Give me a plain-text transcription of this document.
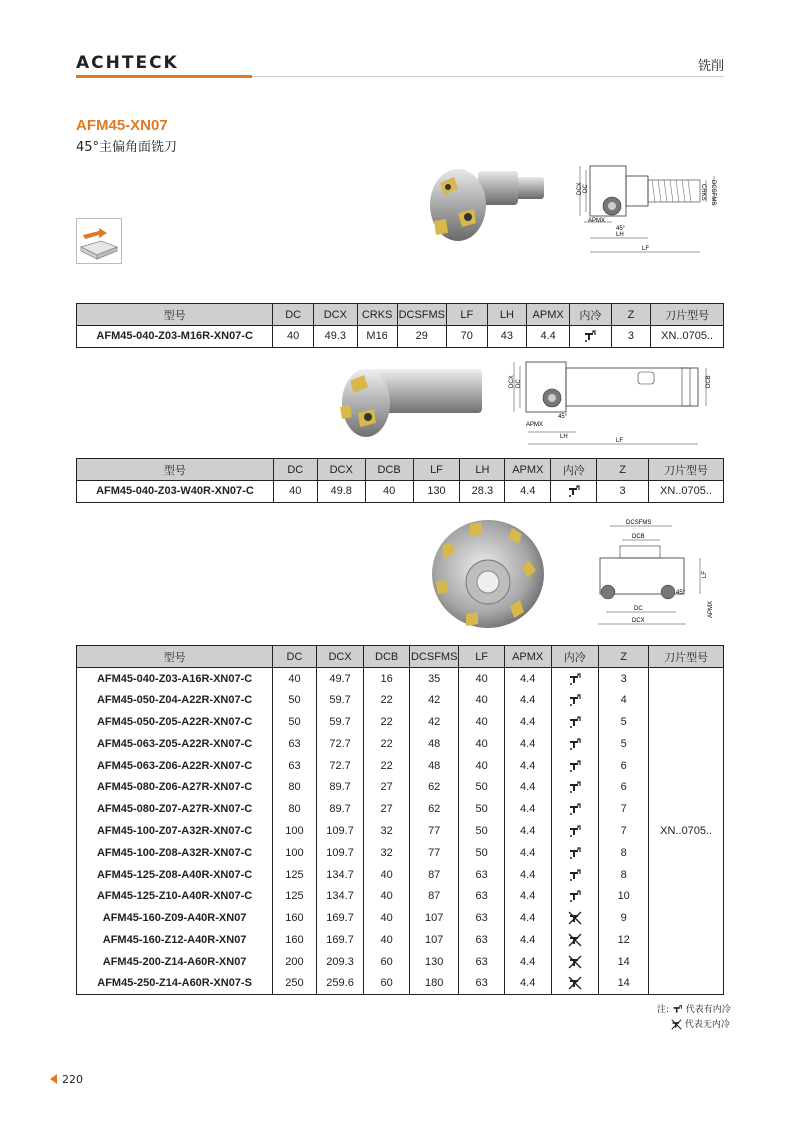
ACHTECK	铣削
AFM45-XN07
45°主偏角面铣刀
DCX DC	CRKS DCSFMS
APMX
45°
LH
LF
型号	DC	DCX	CRKS	DCSFMS	LF	LH	APMX	内冷	Z	刀片型号
AFM45-040-Z03-M16R-XN07-C	40	49.3	M16	29	70	43	4.4		3	XN..0705..
DCX DC	DCB
APMX
45°
LH
LF
型号	DC	DCX	DCB	LF	LH	APMX	内冷	Z	刀片型号
AFM45-040-Z03-W40R-XN07-C	40	49.8	40	130	28.3	4.4		3	XN..0705..
DCSFMS
DCB
LF
45°
APMX
DC
DCX
型号	DC	DCX	DCB	DCSFMS	LF	APMX	内冷	Z	刀片型号
AFM45-040-Z03-A16R-XN07-C	40	49.7	16	35	40	4.4		3	XN..0705..
AFM45-050-Z04-A22R-XN07-C	50	59.7	22	42	40	4.4		4	
AFM45-050-Z05-A22R-XN07-C	50	59.7	22	42	40	4.4		5	
AFM45-063-Z05-A22R-XN07-C	63	72.7	22	48	40	4.4		5	
AFM45-063-Z06-A22R-XN07-C	63	72.7	22	48	40	4.4		6	
AFM45-080-Z06-A27R-XN07-C	80	89.7	27	62	50	4.4		6	
AFM45-080-Z07-A27R-XN07-C	80	89.7	27	62	50	4.4		7	
AFM45-100-Z07-A32R-XN07-C	100	109.7	32	77	50	4.4		7	
AFM45-100-Z08-A32R-XN07-C	100	109.7	32	77	50	4.4		8	
AFM45-125-Z08-A40R-XN07-C	125	134.7	40	87	63	4.4		8	
AFM45-125-Z10-A40R-XN07-C	125	134.7	40	87	63	4.4		10	
AFM45-160-Z09-A40R-XN07	160	169.7	40	107	63	4.4		9	
AFM45-160-Z12-A40R-XN07	160	169.7	40	107	63	4.4		12	
AFM45-200-Z14-A60R-XN07	200	209.3	60	130	63	4.4		14	
AFM45-250-Z14-A60R-XN07-S	250	259.6	60	180	63	4.4		14	
注: 代表有内冷
代表无内冷
220
